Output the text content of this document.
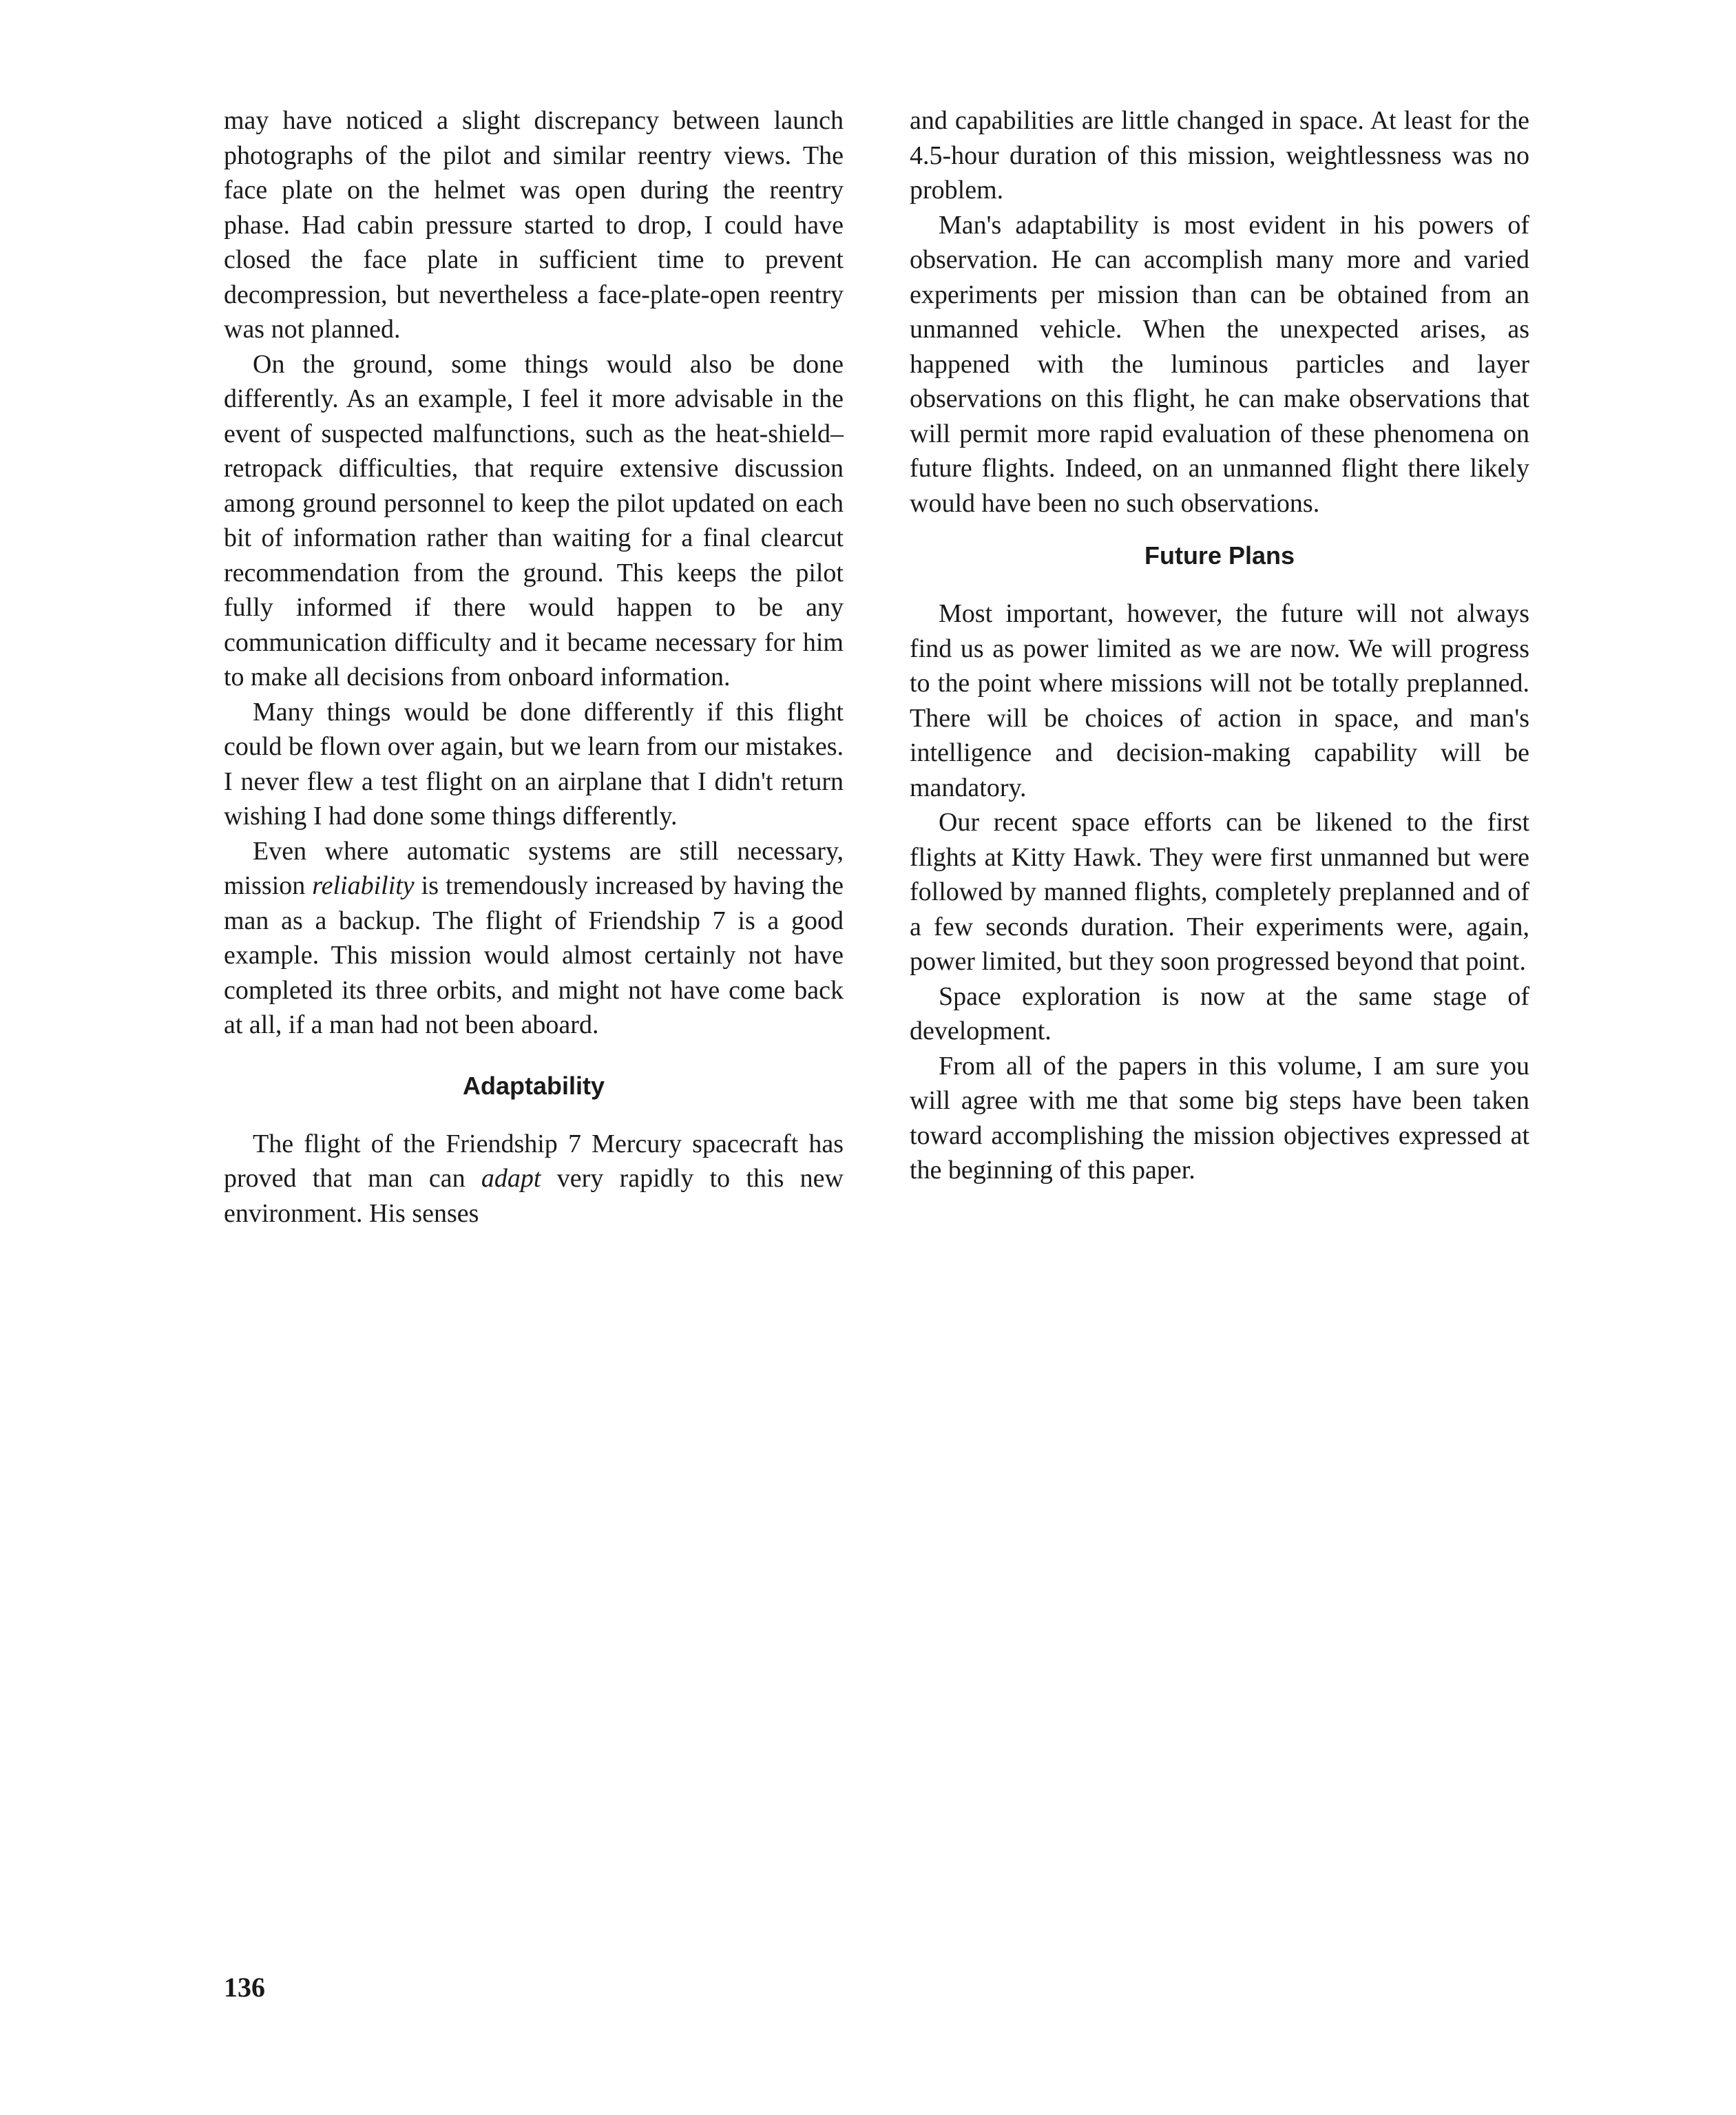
may have noticed a slight discrepancy between launch photographs of the pilot and similar reentry views. The face plate on the helmet was open during the reentry phase. Had cabin pressure started to drop, I could have closed the face plate in sufficient time to prevent decompression, but nevertheless a face-plate-open reentry was not planned.

On the ground, some things would also be done differently. As an example, I feel it more advisable in the event of suspected malfunctions, such as the heat-shield–retropack difficulties, that require extensive discussion among ground personnel to keep the pilot updated on each bit of information rather than waiting for a final clearcut recommendation from the ground. This keeps the pilot fully informed if there would happen to be any communication difficulty and it became necessary for him to make all decisions from onboard information.

Many things would be done differently if this flight could be flown over again, but we learn from our mistakes. I never flew a test flight on an airplane that I didn't return wishing I had done some things differently.

Even where automatic systems are still necessary, mission reliability is tremendously increased by having the man as a backup. The flight of Friendship 7 is a good example. This mission would almost certainly not have completed its three orbits, and might not have come back at all, if a man had not been aboard.

Adaptability

The flight of the Friendship 7 Mercury spacecraft has proved that man can adapt very rapidly to this new environment. His senses

and capabilities are little changed in space. At least for the 4.5-hour duration of this mission, weightlessness was no problem.

Man's adaptability is most evident in his powers of observation. He can accomplish many more and varied experiments per mission than can be obtained from an unmanned vehicle. When the unexpected arises, as happened with the luminous particles and layer observations on this flight, he can make observations that will permit more rapid evaluation of these phenomena on future flights. Indeed, on an unmanned flight there likely would have been no such observations.

Future Plans

Most important, however, the future will not always find us as power limited as we are now. We will progress to the point where missions will not be totally preplanned. There will be choices of action in space, and man's intelligence and decision-making capability will be mandatory.

Our recent space efforts can be likened to the first flights at Kitty Hawk. They were first unmanned but were followed by manned flights, completely preplanned and of a few seconds duration. Their experiments were, again, power limited, but they soon progressed beyond that point.

Space exploration is now at the same stage of development.

From all of the papers in this volume, I am sure you will agree with me that some big steps have been taken toward accomplishing the mission objectives expressed at the beginning of this paper.

136
